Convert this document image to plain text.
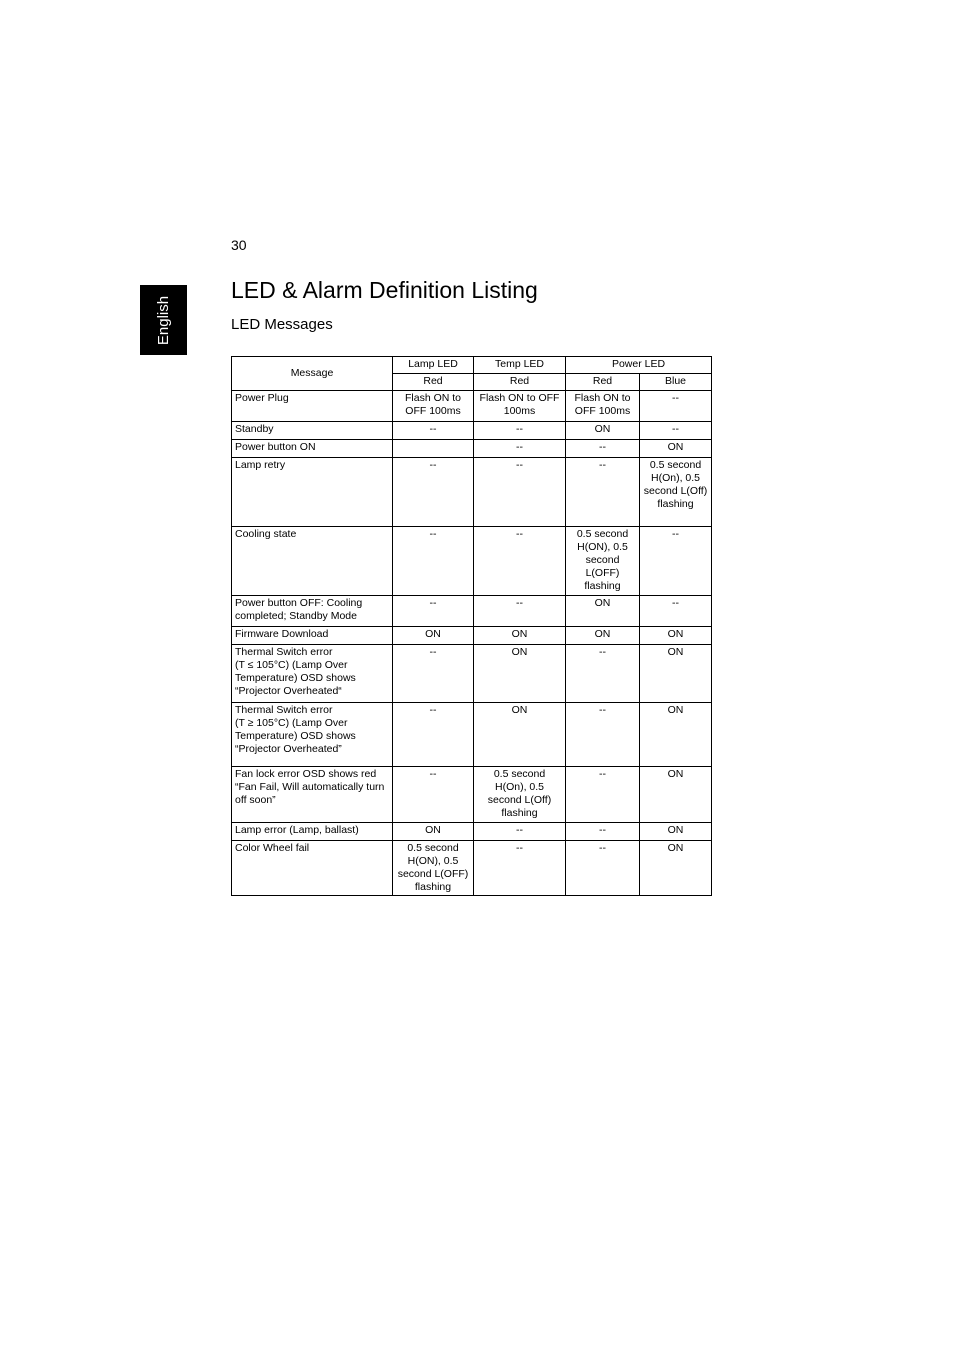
30
English
LED & Alarm Definition Listing
LED Messages
Message	Lamp LED	Temp LED	Power LED	
	Red	Red	Red	Blue
Power Plug	Flash ON to OFF 100ms	Flash ON to OFF 100ms	Flash ON to OFF 100ms	--
Standby	--	--	ON	--
Power button ON		--	--	ON
Lamp retry	--	--	--	0.5 second H(On), 0.5 second L(Off) flashing
Cooling state	--	--	0.5 second H(ON), 0.5 second L(OFF) flashing	--
Power button OFF: Cooling completed; Standby Mode	--	--	ON	--
Firmware Download	ON	ON	ON	ON
Thermal Switch error
(T ≤ 105°C) (Lamp Over Temperature) OSD shows “Projector Overheated“	--	ON	--	ON
Thermal Switch error
(T ≥ 105°C) (Lamp Over Temperature) OSD shows “Projector Overheated”	--	ON	--	ON
Fan lock error OSD shows red “Fan Fail, Will automatically turn off soon”	--	0.5 second H(On), 0.5 second L(Off) flashing	--	ON
Lamp error (Lamp, ballast)	ON	--	--	ON
Color Wheel fail	0.5 second H(ON), 0.5 second L(OFF) flashing	--	--	ON
